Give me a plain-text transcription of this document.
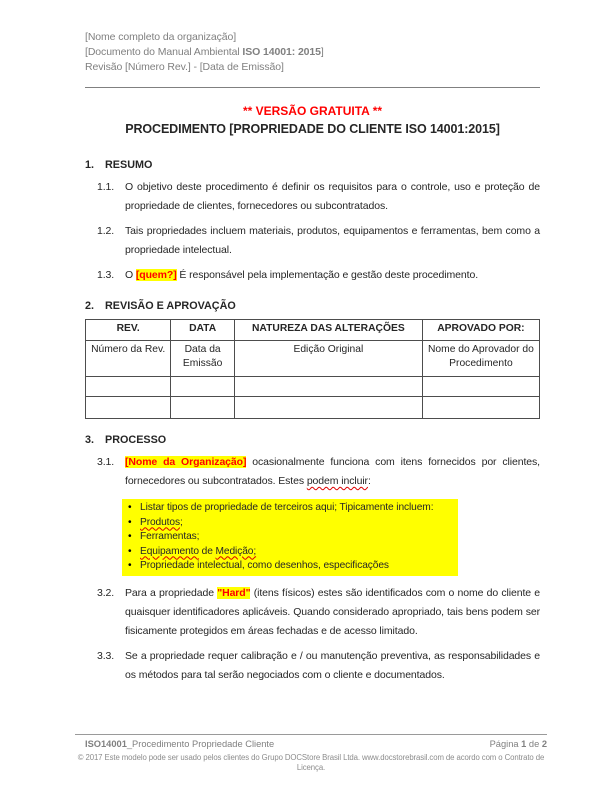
[Nome completo da organização]
[Documento do Manual Ambiental ISO 14001: 2015]
Revisão [Número Rev.] - [Data de Emissão]
** VERSÃO GRATUITA **
PROCEDIMENTO [PROPRIEDADE DO CLIENTE ISO 14001:2015]
1.	RESUMO
1.1.	O objetivo deste procedimento é definir os requisitos para o controle, uso e proteção de propriedade de clientes, fornecedores ou subcontratados.
1.2.	Tais propriedades incluem materiais, produtos, equipamentos e ferramentas, bem como a propriedade intelectual.
1.3.	O [quem?] É responsável pela implementação e gestão deste procedimento.
2.	REVISÃO E APROVAÇÃO
REV.	DATA	NATUREZA DAS ALTERAÇÕES	APROVADO POR:
Número da Rev.	Data da Emissão	Edição Original	Nome do Aprovador do Procedimento

3.	PROCESSO
3.1.	[Nome da Organização] ocasionalmente funciona com itens fornecidos por clientes, fornecedores ou subcontratados. Estes podem incluir:
• Listar tipos de propriedade de terceiros aqui; Tipicamente incluem:
• Produtos;
• Ferramentas;
• Equipamento de Medição;
• Propriedade intelectual, como desenhos, especificações
3.2.	Para a propriedade "Hard" (itens físicos) estes são identificados com o nome do cliente e quaisquer identificadores aplicáveis. Quando considerado apropriado, tais bens podem ser fisicamente protegidos em áreas fechadas e de acesso limitado.
3.3.	Se a propriedade requer calibração e / ou manutenção preventiva, as responsabilidades e os métodos para tal serão negociados com o cliente e documentados.
ISO14001_Procedimento Propriedade Cliente	Página 1 de 2
© 2017 Este modelo pode ser usado pelos clientes do Grupo DOCStore Brasil Ltda. www.docstorebrasil.com de acordo com o Contrato de Licença.
